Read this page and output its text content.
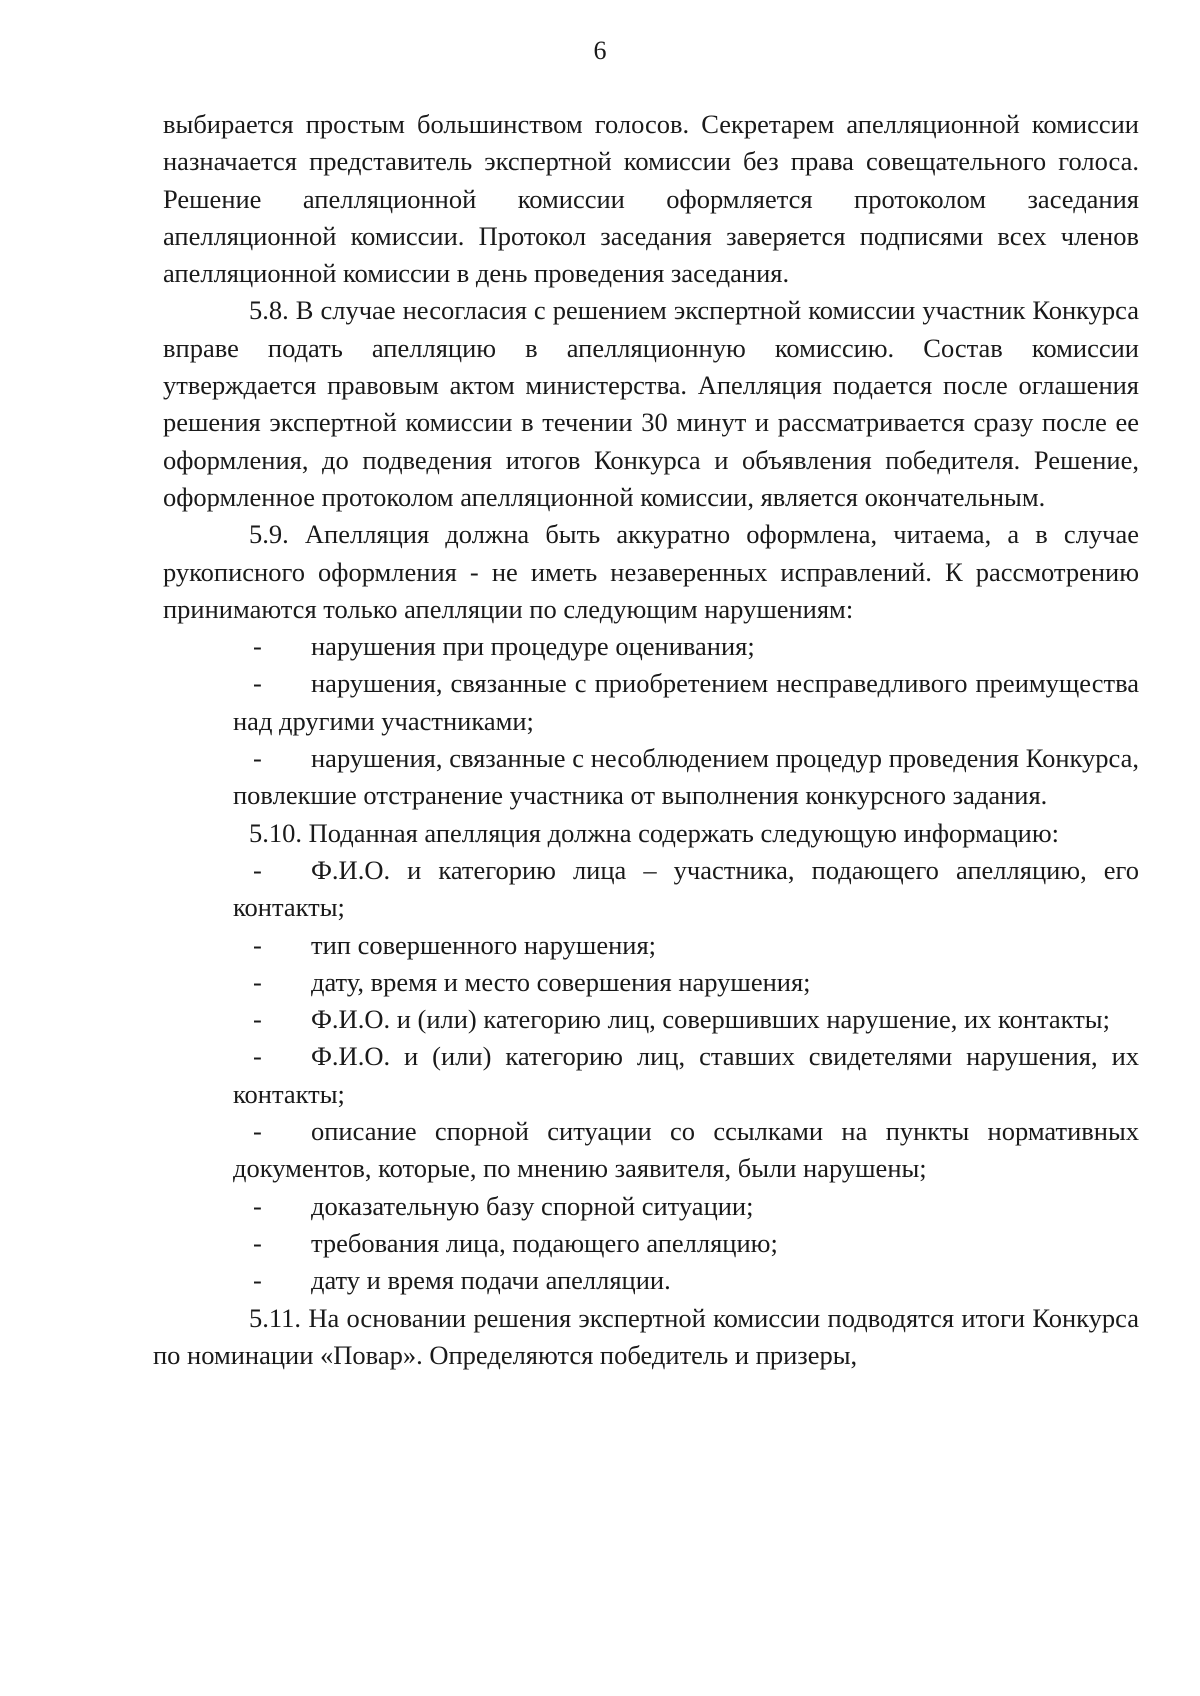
6

выбирается простым большинством голосов. Секретарем апелляционной комиссии назначается представитель экспертной комиссии без права совещательного голоса. Решение апелляционной комиссии оформляется протоколом заседания апелляционной комиссии. Протокол заседания заверяется подписями всех членов апелляционной комиссии в день проведения заседания.

5.8. В случае несогласия с решением экспертной комиссии участник Конкурса вправе подать апелляцию в апелляционную комиссию. Состав комиссии утверждается правовым актом министерства. Апелляция подается после оглашения решения экспертной комиссии в течении 30 минут и рассматривается сразу после ее оформления, до подведения итогов Конкурса и объявления победителя. Решение, оформленное протоколом апелляционной комиссии, является окончательным.

5.9. Апелляция должна быть аккуратно оформлена, читаема, а в случае рукописного оформления - не иметь незаверенных исправлений. К рассмотрению принимаются только апелляции по следующим нарушениям:

- нарушения при процедуре оценивания;

- нарушения, связанные с приобретением несправедливого преимущества над другими участниками;

- нарушения, связанные с несоблюдением процедур проведения Конкурса, повлекшие отстранение участника от выполнения конкурсного задания.

5.10. Поданная апелляция должна содержать следующую информацию:

- Ф.И.О. и категорию лица – участника, подающего апелляцию, его контакты;

- тип совершенного нарушения;

- дату, время и место совершения нарушения;

- Ф.И.О. и (или) категорию лиц, совершивших нарушение, их контакты;

- Ф.И.О. и (или) категорию лиц, ставших свидетелями нарушения, их контакты;

- описание спорной ситуации со ссылками на пункты нормативных документов, которые, по мнению заявителя, были нарушены;

- доказательную базу спорной ситуации;

- требования лица, подающего апелляцию;

- дату и время подачи апелляции.

5.11. На основании решения экспертной комиссии подводятся итоги Конкурса по номинации «Повар». Определяются победитель и призеры,
